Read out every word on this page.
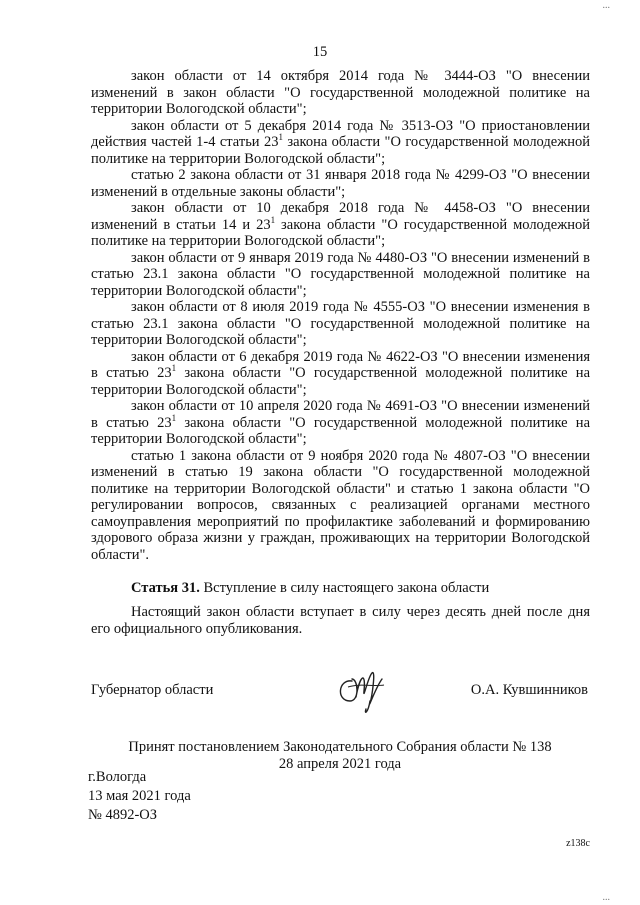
...
15

закон области от 14 октября 2014 года № 3444-ОЗ "О внесении изменений в закон области "О государственной молодежной политике на территории Вологодской области";

закон области от 5 декабря 2014 года № 3513-ОЗ "О приостановлении действия частей 1-4 статьи $23^1$ закона области "О государственной молодежной политике на территории Вологодской области";

статью 2 закона области от 31 января 2018 года № 4299-ОЗ "О внесении изменений в отдельные законы области";

закон области от 10 декабря 2018 года № 4458-ОЗ "О внесении изменений в статьи 14 и $23^1$ закона области "О государственной молодежной политике на территории Вологодской области";

закон области от 9 января 2019 года № 4480-ОЗ "О внесении изменений в статью 23.1 закона области "О государственной молодежной политике на территории Вологодской области";

закон области от 8 июля 2019 года № 4555-ОЗ "О внесении изменения в статью 23.1 закона области "О государственной молодежной политике на территории Вологодской области";

закон области от 6 декабря 2019 года № 4622-ОЗ "О внесении изменения в статью $23^1$ закона области "О государственной молодежной политике на территории Вологодской области";

закон области от 10 апреля 2020 года № 4691-ОЗ "О внесении изменений в статью $23^1$ закона области "О государственной молодежной политике на территории Вологодской области";

статью 1 закона области от 9 ноября 2020 года № 4807-ОЗ "О внесении изменений в статью 19 закона области "О государственной молодежной политике на территории Вологодской области" и статью 1 закона области "О регулировании вопросов, связанных с реализацией органами местного самоуправления мероприятий по профилактике заболеваний и формированию здорового образа жизни у граждан, проживающих на территории Вологодской области".

Статья 31. Вступление в силу настоящего закона области

Настоящий закон области вступает в силу через десять дней после дня его официального опубликования.

Губернатор области	О.А. Кувшинников
Принят постановлением Законодательного Собрания области № 138
28 апреля 2021 года
г.Вологда
13 мая 2021 года
№ 4892-ОЗ
z138c
...
